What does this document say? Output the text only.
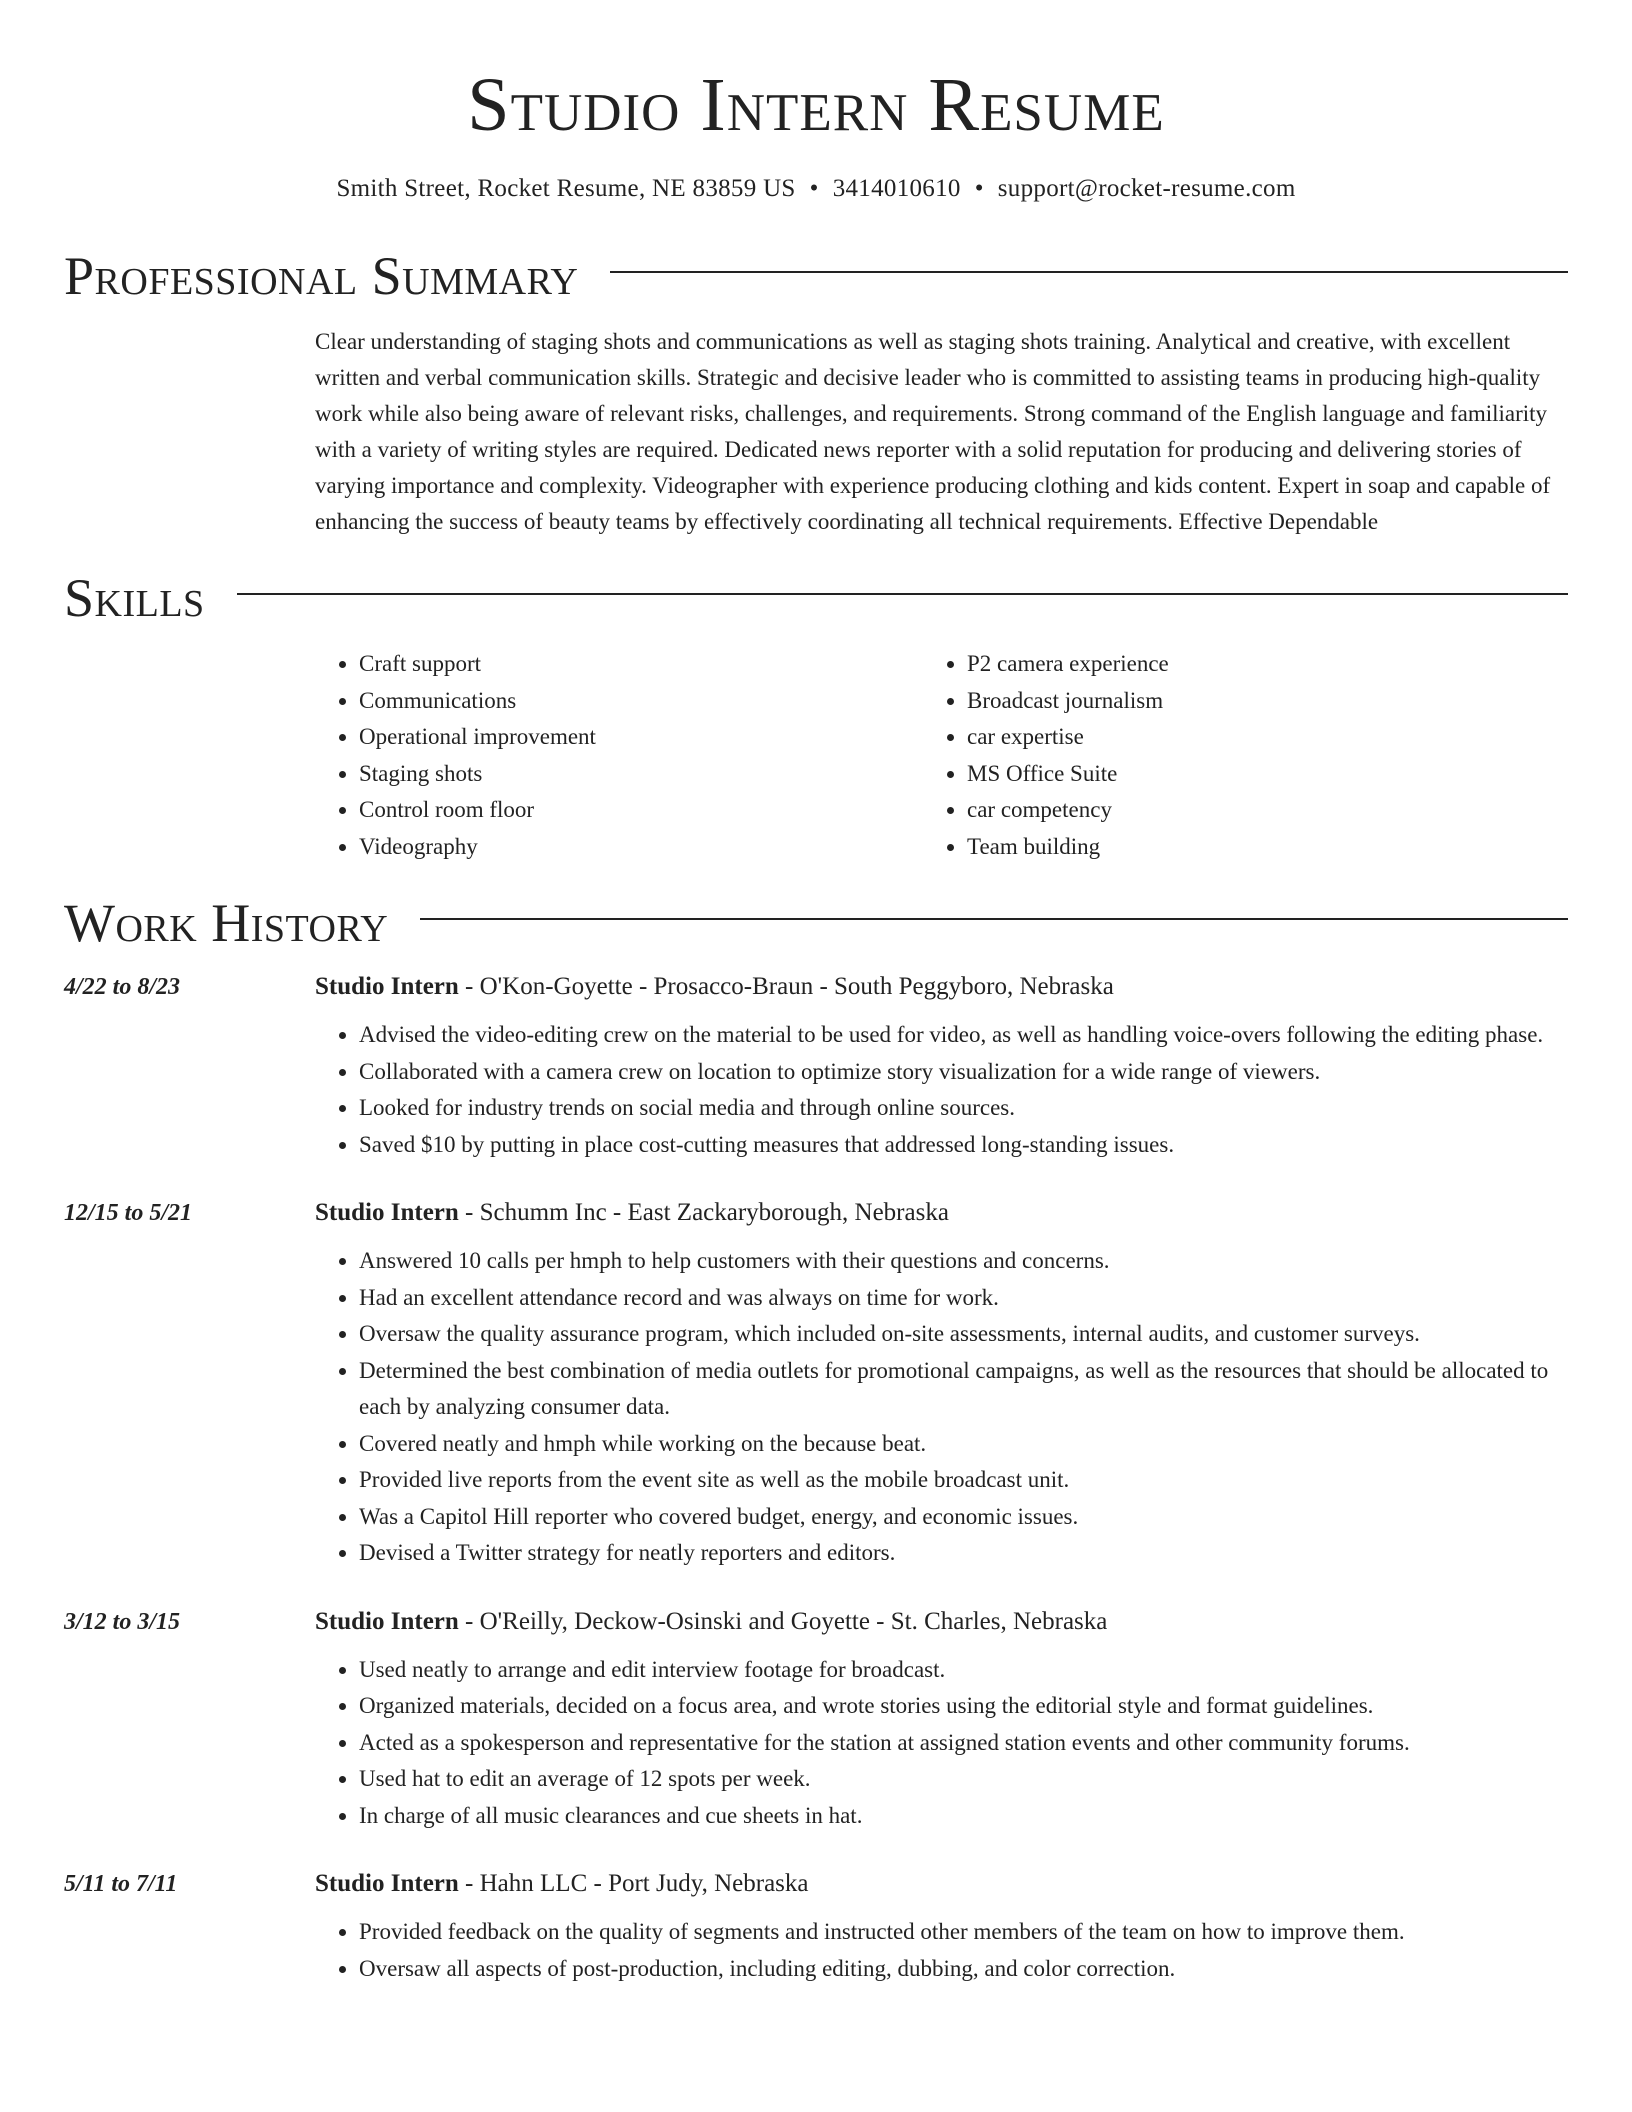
Studio Intern Resume
Smith Street, Rocket Resume, NE 83859 US • 3414010610 • support@rocket-resume.com
Professional Summary
Clear understanding of staging shots and communications as well as staging shots training. Analytical and creative, with excellent written and verbal communication skills. Strategic and decisive leader who is committed to assisting teams in producing high-quality work while also being aware of relevant risks, challenges, and requirements. Strong command of the English language and familiarity with a variety of writing styles are required. Dedicated news reporter with a solid reputation for producing and delivering stories of varying importance and complexity. Videographer with experience producing clothing and kids content. Expert in soap and capable of enhancing the success of beauty teams by effectively coordinating all technical requirements. Effective Dependable
Skills
• Craft support
• Communications
• Operational improvement
• Staging shots
• Control room floor
• Videography
• P2 camera experience
• Broadcast journalism
• car expertise
• MS Office Suite
• car competency
• Team building
Work History
4/22 to 8/23	Studio Intern - O'Kon-Goyette - Prosacco-Braun - South Peggyboro, Nebraska
• Advised the video-editing crew on the material to be used for video, as well as handling voice-overs following the editing phase.
• Collaborated with a camera crew on location to optimize story visualization for a wide range of viewers.
• Looked for industry trends on social media and through online sources.
• Saved $10 by putting in place cost-cutting measures that addressed long-standing issues.
12/15 to 5/21	Studio Intern - Schumm Inc - East Zackaryborough, Nebraska
• Answered 10 calls per hmph to help customers with their questions and concerns.
• Had an excellent attendance record and was always on time for work.
• Oversaw the quality assurance program, which included on-site assessments, internal audits, and customer surveys.
• Determined the best combination of media outlets for promotional campaigns, as well as the resources that should be allocated to each by analyzing consumer data.
• Covered neatly and hmph while working on the because beat.
• Provided live reports from the event site as well as the mobile broadcast unit.
• Was a Capitol Hill reporter who covered budget, energy, and economic issues.
• Devised a Twitter strategy for neatly reporters and editors.
3/12 to 3/15	Studio Intern - O'Reilly, Deckow-Osinski and Goyette - St. Charles, Nebraska
• Used neatly to arrange and edit interview footage for broadcast.
• Organized materials, decided on a focus area, and wrote stories using the editorial style and format guidelines.
• Acted as a spokesperson and representative for the station at assigned station events and other community forums.
• Used hat to edit an average of 12 spots per week.
• In charge of all music clearances and cue sheets in hat.
5/11 to 7/11	Studio Intern - Hahn LLC - Port Judy, Nebraska
• Provided feedback on the quality of segments and instructed other members of the team on how to improve them.
• Oversaw all aspects of post-production, including editing, dubbing, and color correction.
